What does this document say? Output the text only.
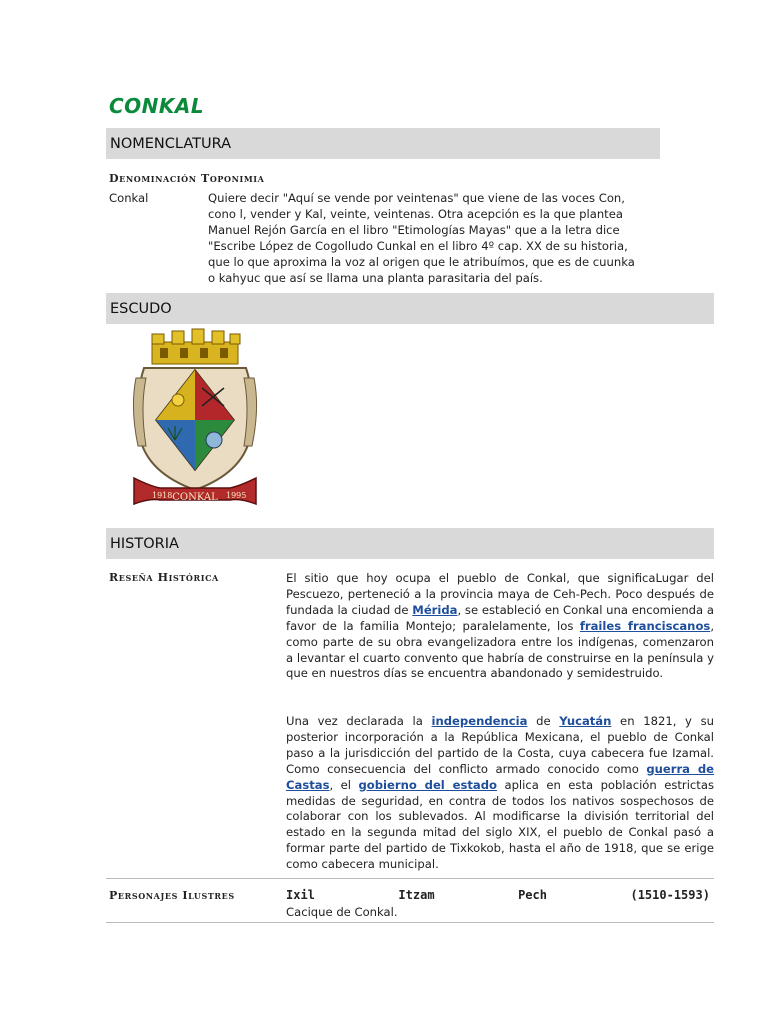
CONKAL
NOMENCLATURA
Denominación Toponimia
Conkal	Quiere decir "Aquí se vende por veintenas" que viene de las voces Con,
cono l, vender y Kal, veinte, veintenas. Otra acepción es la que plantea
Manuel Rejón García en el libro "Etimologías Mayas" que a la letra dice
"Escribe López de Cogolludo Cunkal en el libro 4º cap. XX de su historia,
que lo que aproxima la voz al origen que le atribuímos, que es de cuunka
o kahyuc que así se llama una planta parasitaria del país.
ESCUDO
1918 CONKAL 1995
HISTORIA
Reseña Histórica	El sitio que hoy ocupa el pueblo de Conkal, que significaLugar del Pescuezo, perteneció a la provincia maya de Ceh-Pech. Poco después de fundada la ciudad de Mérida, se estableció en Conkal una encomienda a favor de la familia Montejo; paralelamente, los frailes franciscanos, como parte de su obra evangelizadora entre los indígenas, comenzaron a levantar el cuarto convento que habría de construirse en la península y que en nuestros días se encuentra abandonado y semidestruido.
Una vez declarada la independencia de Yucatán en 1821, y su posterior incorporación a la República Mexicana, el pueblo de Conkal paso a la jurisdicción del partido de la Costa, cuya cabecera fue Izamal. Como consecuencia del conflicto armado conocido como guerra de Castas, el gobierno del estado aplica en esta población estrictas medidas de seguridad, en contra de todos los nativos sospechosos de colaborar con los sublevados. Al modificarse la división territorial del estado en la segunda mitad del siglo XIX, el pueblo de Conkal pasó a formar parte del partido de Tixkokob, hasta el año de 1918, que se erige como cabecera municipal.
Personajes Ilustres	Ixil	Itzam	Pech	(1510-1593)
Cacique de Conkal.
